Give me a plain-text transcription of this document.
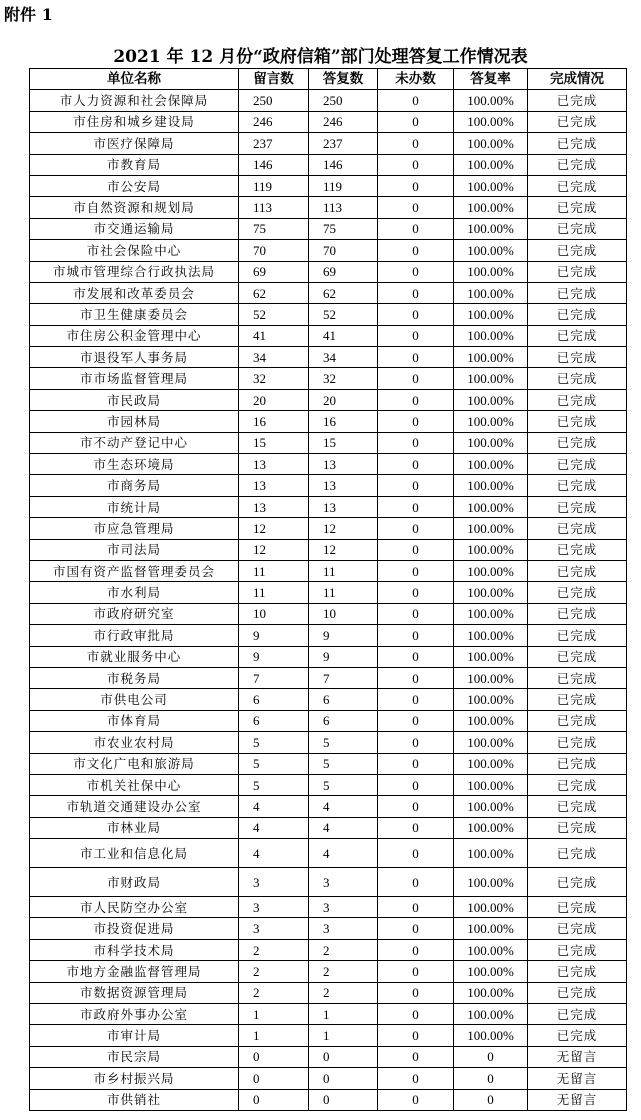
附件 1
2021 年 12 月份“政府信箱”部门处理答复工作情况表
单位名称	留言数	答复数	未办数	答复率	完成情况
市人力资源和社会保障局	250	250	0	100.00%	已完成
市住房和城乡建设局	246	246	0	100.00%	已完成
市医疗保障局	237	237	0	100.00%	已完成
市教育局	146	146	0	100.00%	已完成
市公安局	119	119	0	100.00%	已完成
市自然资源和规划局	113	113	0	100.00%	已完成
市交通运输局	75	75	0	100.00%	已完成
市社会保险中心	70	70	0	100.00%	已完成
市城市管理综合行政执法局	69	69	0	100.00%	已完成
市发展和改革委员会	62	62	0	100.00%	已完成
市卫生健康委员会	52	52	0	100.00%	已完成
市住房公积金管理中心	41	41	0	100.00%	已完成
市退役军人事务局	34	34	0	100.00%	已完成
市市场监督管理局	32	32	0	100.00%	已完成
市民政局	20	20	0	100.00%	已完成
市园林局	16	16	0	100.00%	已完成
市不动产登记中心	15	15	0	100.00%	已完成
市生态环境局	13	13	0	100.00%	已完成
市商务局	13	13	0	100.00%	已完成
市统计局	13	13	0	100.00%	已完成
市应急管理局	12	12	0	100.00%	已完成
市司法局	12	12	0	100.00%	已完成
市国有资产监督管理委员会	11	11	0	100.00%	已完成
市水利局	11	11	0	100.00%	已完成
市政府研究室	10	10	0	100.00%	已完成
市行政审批局	9	9	0	100.00%	已完成
市就业服务中心	9	9	0	100.00%	已完成
市税务局	7	7	0	100.00%	已完成
市供电公司	6	6	0	100.00%	已完成
市体育局	6	6	0	100.00%	已完成
市农业农村局	5	5	0	100.00%	已完成
市文化广电和旅游局	5	5	0	100.00%	已完成
市机关社保中心	5	5	0	100.00%	已完成
市轨道交通建设办公室	4	4	0	100.00%	已完成
市林业局	4	4	0	100.00%	已完成
市工业和信息化局	4	4	0	100.00%	已完成
市财政局	3	3	0	100.00%	已完成
市人民防空办公室	3	3	0	100.00%	已完成
市投资促进局	3	3	0	100.00%	已完成
市科学技术局	2	2	0	100.00%	已完成
市地方金融监督管理局	2	2	0	100.00%	已完成
市数据资源管理局	2	2	0	100.00%	已完成
市政府外事办公室	1	1	0	100.00%	已完成
市审计局	1	1	0	100.00%	已完成
市民宗局	0	0	0	0	无留言
市乡村振兴局	0	0	0	0	无留言
市供销社	0	0	0	0	无留言
